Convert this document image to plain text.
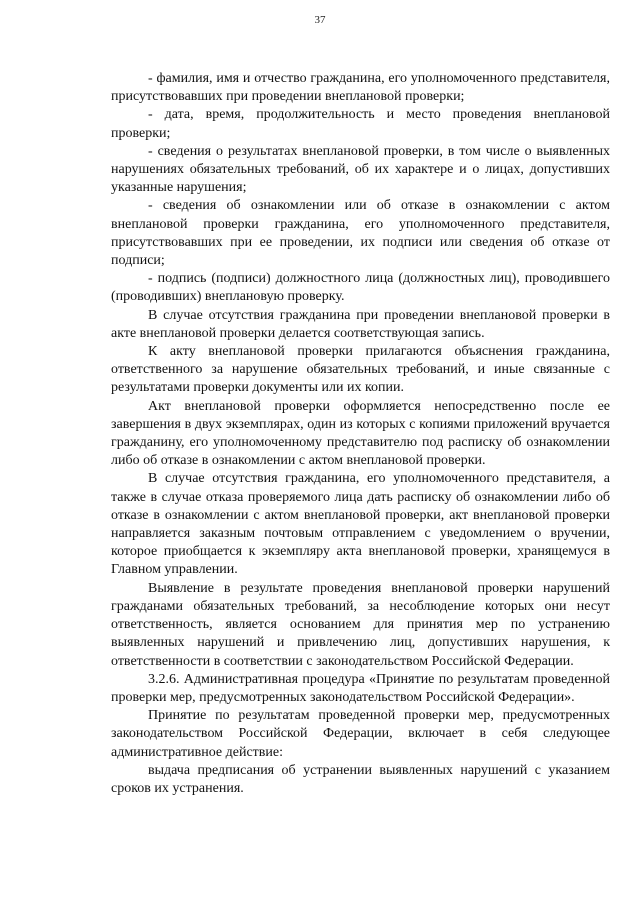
37

- фамилия, имя и отчество гражданина, его уполномоченного представителя, присутствовавших при проведении внеплановой проверки;

- дата, время, продолжительность и место проведения внеплановой проверки;

- сведения о результатах внеплановой проверки, в том числе о выявленных нарушениях обязательных требований, об их характере и о лицах, допустивших указанные нарушения;

- сведения об ознакомлении или об отказе в ознакомлении с актом внеплановой проверки гражданина, его уполномоченного представителя, присутствовавших при ее проведении, их подписи или сведения об отказе от подписи;

- подпись (подписи) должностного лица (должностных лиц), проводившего (проводивших) внеплановую проверку.

В случае отсутствия гражданина при проведении внеплановой проверки в акте внеплановой проверки делается соответствующая запись.

К акту внеплановой проверки прилагаются объяснения гражданина, ответственного за нарушение обязательных требований, и иные связанные с результатами проверки документы или их копии.

Акт внеплановой проверки оформляется непосредственно после ее завершения в двух экземплярах, один из которых с копиями приложений вручается гражданину, его уполномоченному представителю под расписку об ознакомлении либо об отказе в ознакомлении с актом внеплановой проверки.

В случае отсутствия гражданина, его уполномоченного представителя, а также в случае отказа проверяемого лица дать расписку об ознакомлении либо об отказе в ознакомлении с актом внеплановой проверки, акт внеплановой проверки направляется заказным почтовым отправлением с уведомлением о вручении, которое приобщается к экземпляру акта внеплановой проверки, хранящемуся в Главном управлении.

Выявление в результате проведения внеплановой проверки нарушений гражданами обязательных требований, за несоблюдение которых они несут ответственность, является основанием для принятия мер по устранению выявленных нарушений и привлечению лиц, допустивших нарушения, к ответственности в соответствии с законодательством Российской Федерации.

3.2.6. Административная процедура «Принятие по результатам проведенной проверки мер, предусмотренных законодательством Российской Федерации».

Принятие по результатам проведенной проверки мер, предусмотренных законодательством Российской Федерации, включает в себя следующее административное действие:

выдача предписания об устранении выявленных нарушений с указанием сроков их устранения.
